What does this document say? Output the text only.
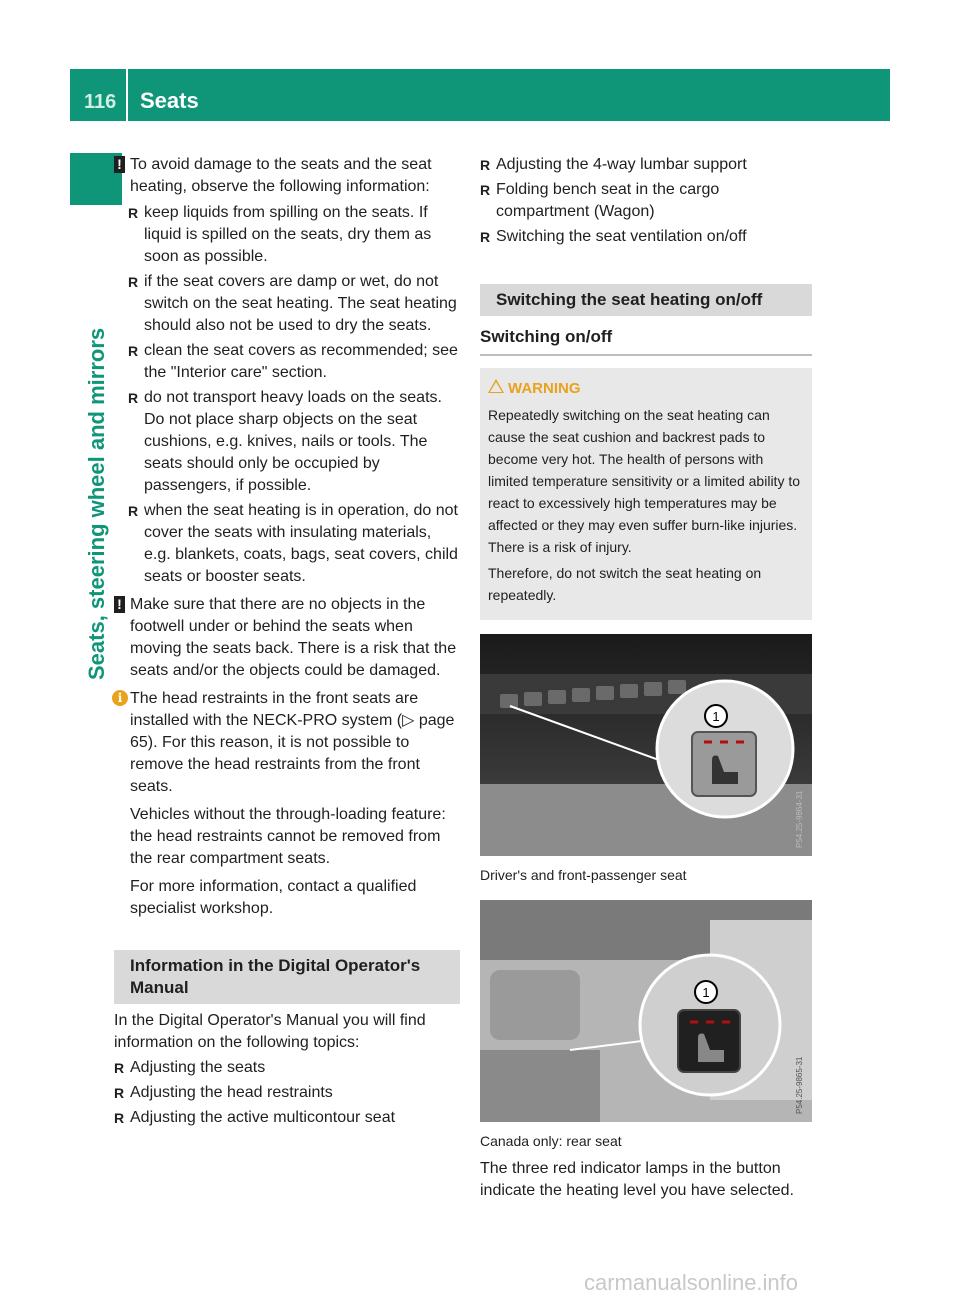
116 Seats
Seats, steering wheel and mirrors
! To avoid damage to the seats and the seat heating, observe the following information:

R keep liquids from spilling on the seats. If liquid is spilled on the seats, dry them as soon as possible.
R if the seat covers are damp or wet, do not switch on the seat heating. The seat heating should also not be used to dry the seats.
R clean the seat covers as recommended; see the "Interior care" section.
R do not transport heavy loads on the seats. Do not place sharp objects on the seat cushions, e.g. knives, nails or tools. The seats should only be occupied by passengers, if possible.
R when the seat heating is in operation, do not cover the seats with insulating materials, e.g. blankets, coats, bags, seat covers, child seats or booster seats.
! Make sure that there are no objects in the footwell under or behind the seats when moving the seats back. There is a risk that the seats and/or the objects could be damaged.

i The head restraints in the front seats are installed with the NECK-PRO system (▷ page 65). For this reason, it is not possible to remove the head restraints from the front seats.

Vehicles without the through-loading feature: the head restraints cannot be removed from the rear compartment seats.

For more information, contact a qualified specialist workshop.

Information in the Digital Operator's Manual

In the Digital Operator's Manual you will find information on the following topics:

R Adjusting the seats
R Adjusting the head restraints
R Adjusting the active multicontour seat
R Adjusting the 4-way lumbar support
R Folding bench seat in the cargo compartment (Wagon)
R Switching the seat ventilation on/off
Switching the seat heating on/off
Switching on/off
WARNING

Repeatedly switching on the seat heating can cause the seat cushion and backrest pads to become very hot. The health of persons with limited temperature sensitivity or a limited ability to react to excessively high temperatures may be affected or they may even suffer burn-like injuries. There is a risk of injury.

Therefore, do not switch the seat heating on repeatedly.

1
P54.25-9864-31

Driver's and front-passenger seat

1
P54.25-9865-31

Canada only: rear seat

The three red indicator lamps in the button indicate the heating level you have selected.

carmanualsonline.info
